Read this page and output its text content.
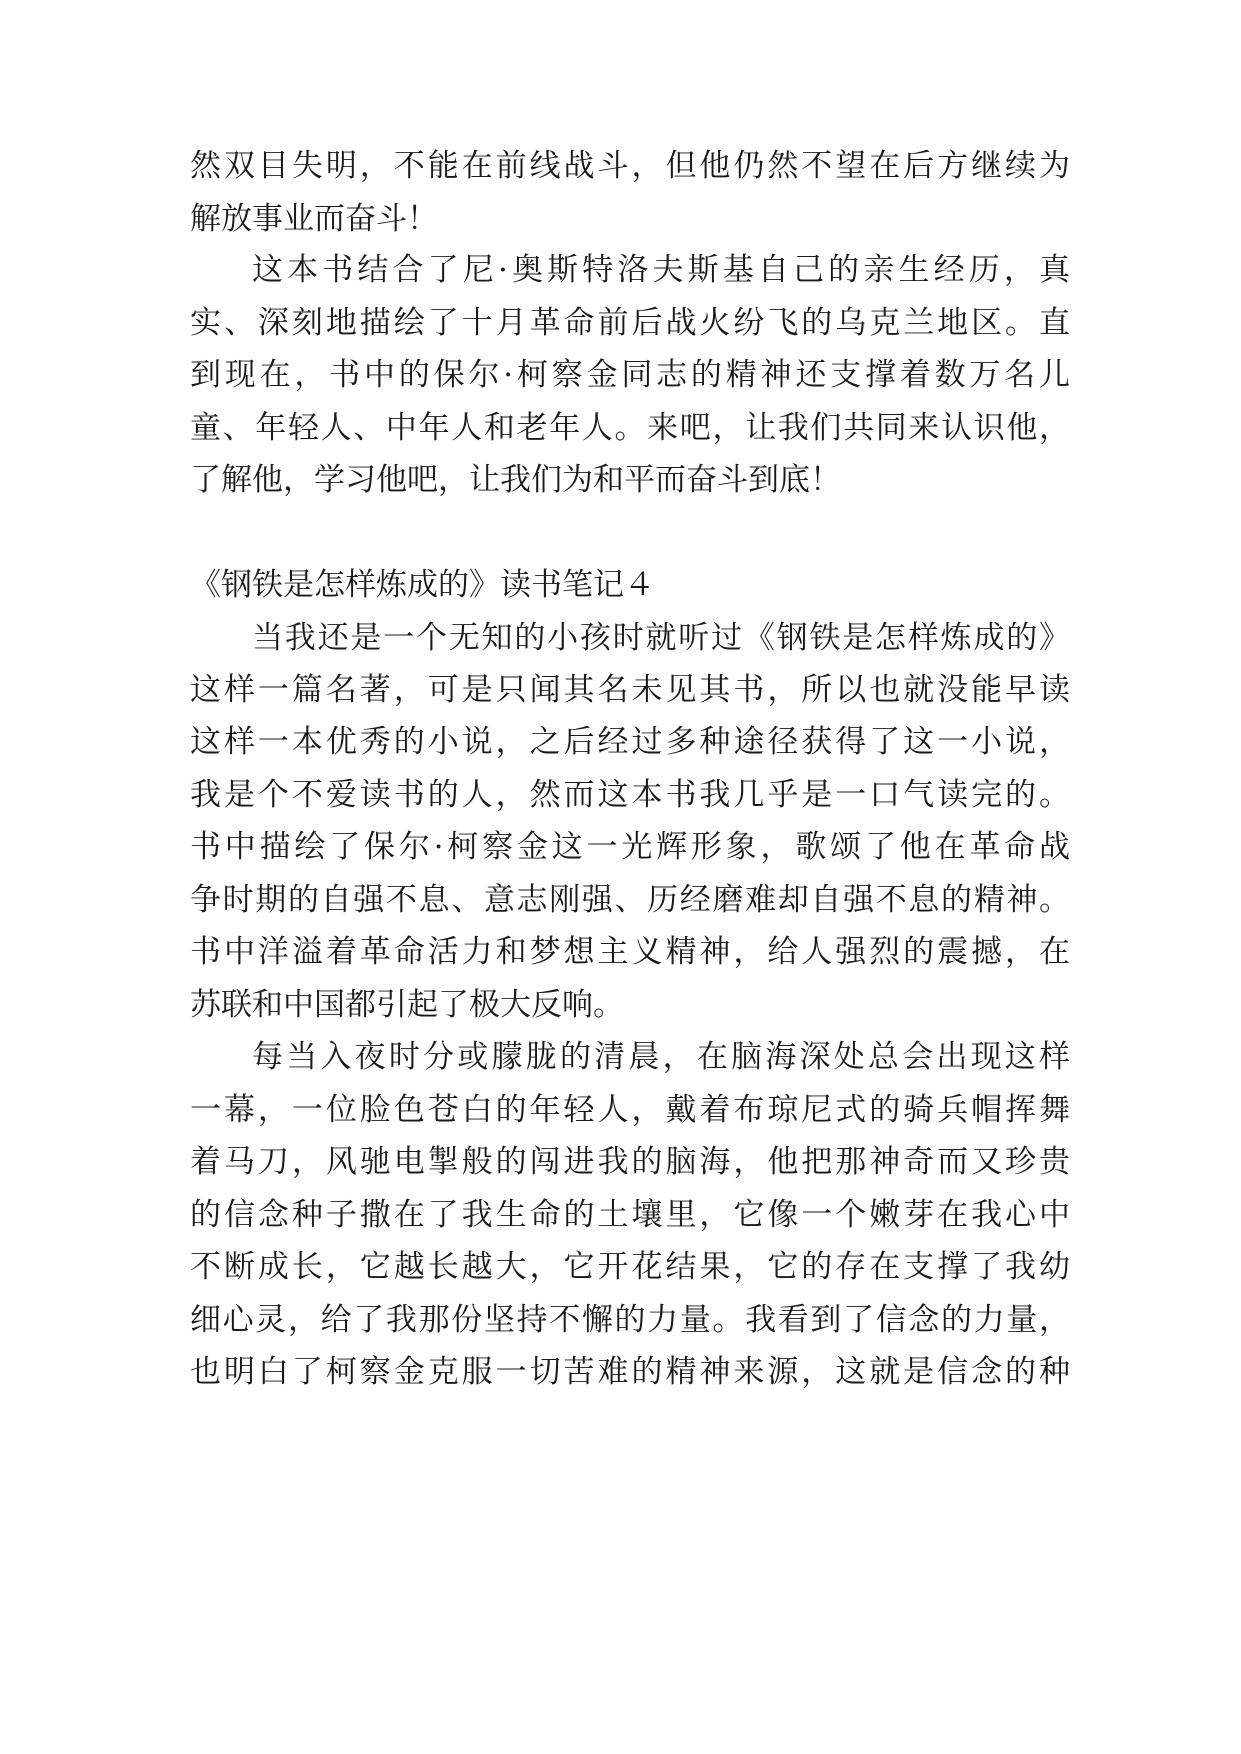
然双目失明，不能在前线战斗，但他仍然不望在后方继续为
解放事业而奋斗！
这本书结合了尼·奥斯特洛夫斯基自己的亲生经历，真
实、深刻地描绘了十月革命前后战火纷飞的乌克兰地区。直
到现在，书中的保尔·柯察金同志的精神还支撑着数万名儿
童、年轻人、中年人和老年人。来吧，让我们共同来认识他，
了解他，学习他吧，让我们为和平而奋斗到底！
《钢铁是怎样炼成的》读书笔记４
当我还是一个无知的小孩时就听过《钢铁是怎样炼成的》
这样一篇名著，可是只闻其名未见其书，所以也就没能早读
这样一本优秀的小说，之后经过多种途径获得了这一小说，
我是个不爱读书的人，然而这本书我几乎是一口气读完的。
书中描绘了保尔·柯察金这一光辉形象，歌颂了他在革命战
争时期的自强不息、意志刚强、历经磨难却自强不息的精神。
书中洋溢着革命活力和梦想主义精神，给人强烈的震撼，在
苏联和中国都引起了极大反响。
每当入夜时分或朦胧的清晨，在脑海深处总会出现这样
一幕，一位脸色苍白的年轻人，戴着布琼尼式的骑兵帽挥舞
着马刀，风驰电掣般的闯进我的脑海，他把那神奇而又珍贵
的信念种子撒在了我生命的土壤里，它像一个嫩芽在我心中
不断成长，它越长越大，它开花结果，它的存在支撑了我幼
细心灵，给了我那份坚持不懈的力量。我看到了信念的力量，
也明白了柯察金克服一切苦难的精神来源，这就是信念的种
